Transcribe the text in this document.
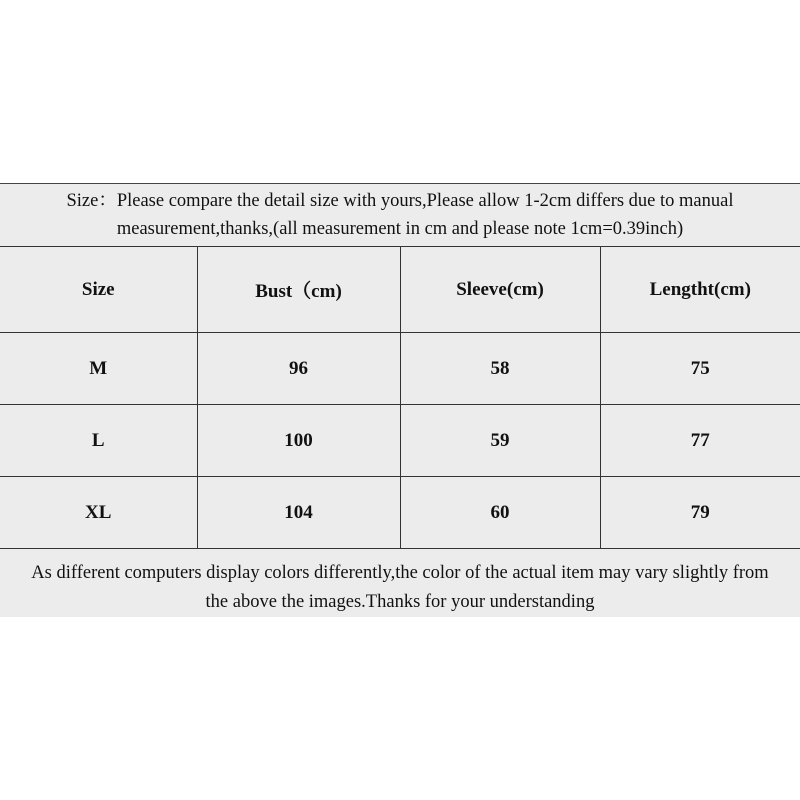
Size：Please compare the detail size with yours,Please allow 1-2cm differs due to manual
measurement,thanks,(all measurement in cm and please note 1cm=0.39inch)
Size	Bust（cm)	Sleeve(cm)	Lengtht(cm)
M	96	58	75
L	100	59	77
XL	104	60	79
As different computers display colors differently,the color of the actual item may vary slightly from
the above the images.Thanks for your understanding
